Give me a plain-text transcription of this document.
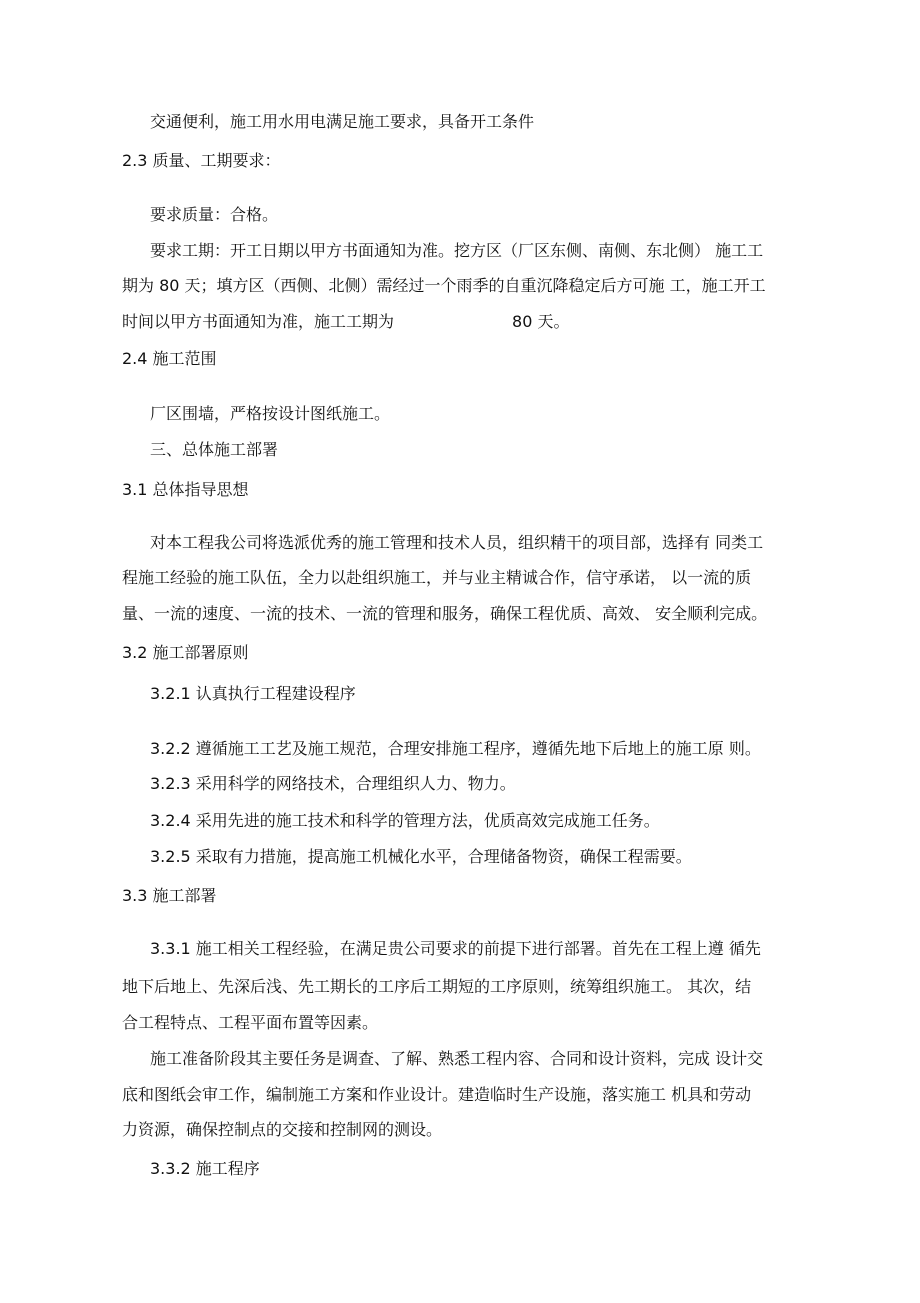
交通便利，施工用水用电满足施工要求，具备开工条件
2.3 质量、工期要求：
要求质量：合格。
要求工期：开工日期以甲方书面通知为准。挖方区（厂区东侧、南侧、东北侧） 施工工
期为 80 天；填方区（西侧、北侧）需经过一个雨季的自重沉降稳定后方可施 工，施工开工
时间以甲方书面通知为准，施工工期为	80 天。
2.4 施工范围
厂区围墙，严格按设计图纸施工。
三、总体施工部署
3.1 总体指导思想
对本工程我公司将选派优秀的施工管理和技术人员，组织精干的项目部，选择有 同类工
程施工经验的施工队伍，全力以赴组织施工，并与业主精诚合作，信守承诺， 以一流的质
量、一流的速度、一流的技术、一流的管理和服务，确保工程优质、高效、 安全顺利完成。
3.2 施工部署原则
3.2.1 认真执行工程建设程序
3.2.2 遵循施工工艺及施工规范，合理安排施工程序，遵循先地下后地上的施工原 则。
3.2.3 采用科学的网络技术，合理组织人力、物力。
3.2.4 采用先进的施工技术和科学的管理方法，优质高效完成施工任务。
3.2.5 采取有力措施，提高施工机械化水平，合理储备物资，确保工程需要。
3.3 施工部署
3.3.1 施工相关工程经验，在满足贵公司要求的前提下进行部署。首先在工程上遵 循先
地下后地上、先深后浅、先工期长的工序后工期短的工序原则，统筹组织施工。 其次，结
合工程特点、工程平面布置等因素。
施工准备阶段其主要任务是调查、了解、熟悉工程内容、合同和设计资料，完成 设计交
底和图纸会审工作，编制施工方案和作业设计。建造临时生产设施，落实施工 机具和劳动
力资源，确保控制点的交接和控制网的测设。
3.3.2 施工程序
